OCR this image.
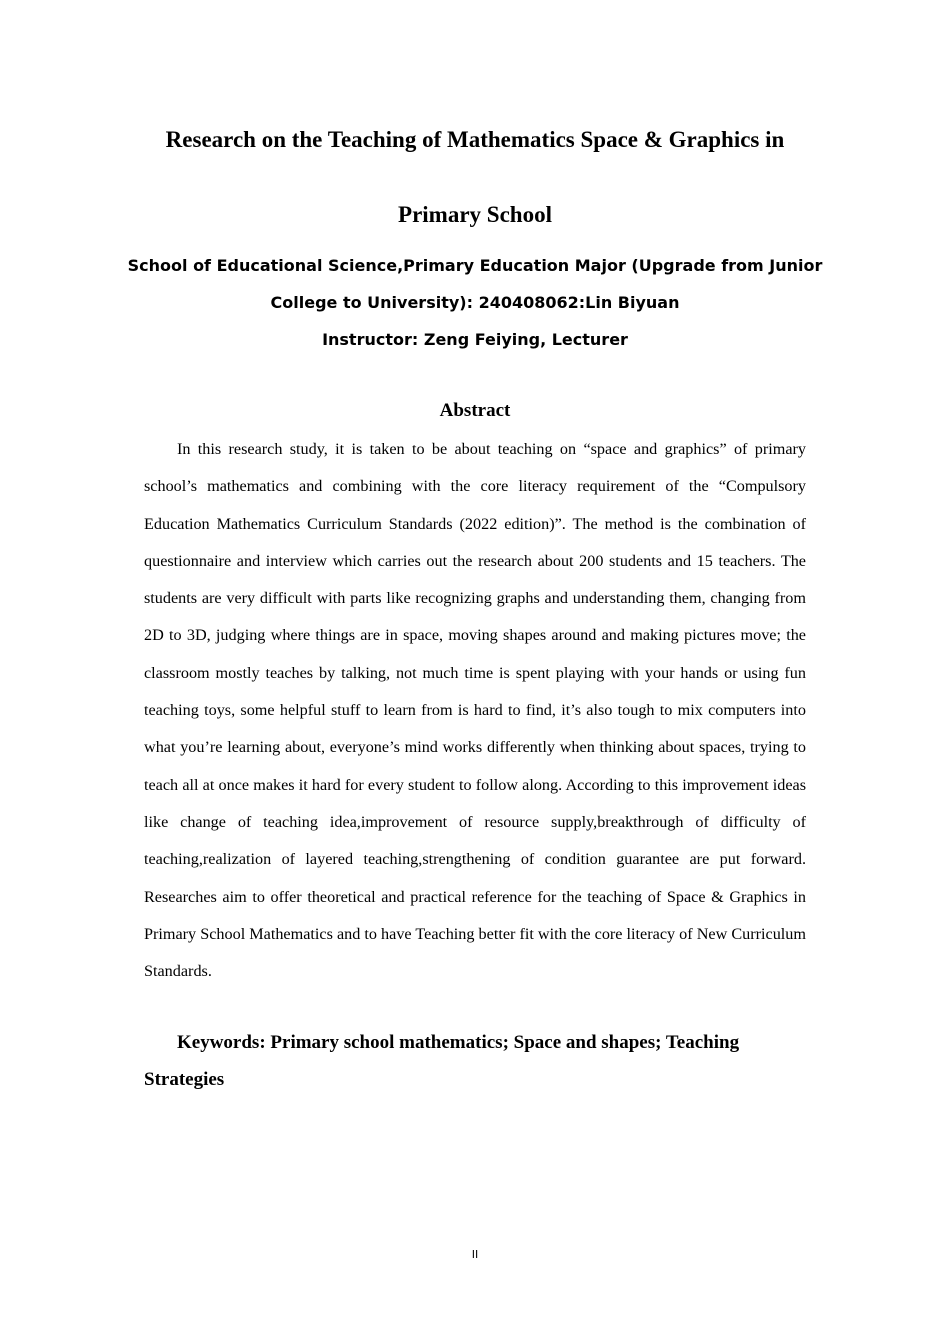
Research on the Teaching of Mathematics Space & Graphics in
Primary School
School of Educational Science,Primary Education Major (Upgrade from Junior
College to University): 240408062:Lin Biyuan
Instructor: Zeng Feiying, Lecturer
Abstract

In this research study, it is taken to be about teaching on “space and graphics” of primary school’s mathematics and combining with the core literacy requirement of the “Compulsory Education Mathematics Curriculum Standards (2022 edition)”. The method is the combination of questionnaire and interview which carries out the research about 200 students and 15 teachers. The students are very difficult with parts like recognizing graphs and understanding them, changing from 2D to 3D, judging where things are in space, moving shapes around and making pictures move; the classroom mostly teaches by talking, not much time is spent playing with your hands or using fun teaching toys, some helpful stuff to learn from is hard to find, it’s also tough to mix computers into what you’re learning about, everyone’s mind works differently when thinking about spaces, trying to teach all at once makes it hard for every student to follow along. According to this improvement ideas like change of teaching idea,improvement of resource supply,breakthrough of difficulty of teaching,realization of layered teaching,strengthening of condition guarantee are put forward. Researches aim to offer theoretical and practical reference for the teaching of Space & Graphics in Primary School Mathematics and to have Teaching better fit with the core literacy of New Curriculum Standards.

Keywords: Primary school mathematics; Space and shapes; Teaching Strategies

II
